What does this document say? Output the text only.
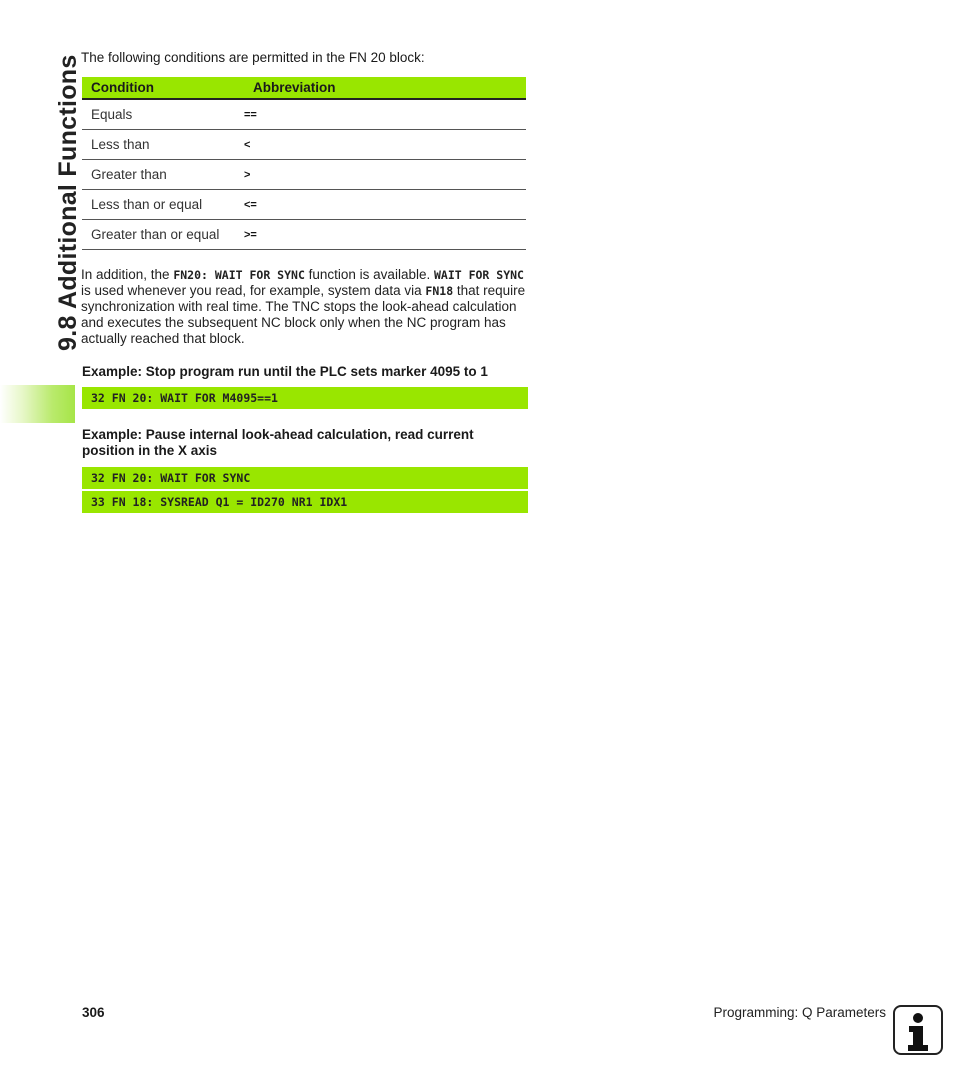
9.8 Additional Functions The following conditions are permitted in the FN 20 block:

Condition	Abbreviation
Equals	==
Less than	<
Greater than	>
Less than or equal	<=
Greater than or equal	>=

In addition, the FN20: WAIT FOR SYNC function is available. WAIT FOR SYNC is used whenever you read, for example, system data via FN18 that require synchronization with real time. The TNC stops the look-ahead calculation and executes the subsequent NC block only when the NC program has actually reached that block.

Example: Stop program run until the PLC sets marker 4095 to 1

32 FN 20: WAIT FOR M4095==1

Example: Pause internal look-ahead calculation, read current position in the X axis

32 FN 20: WAIT FOR SYNC
33 FN 18: SYSREAD Q1 = ID270 NR1 IDX1
306	Programming: Q Parameters
